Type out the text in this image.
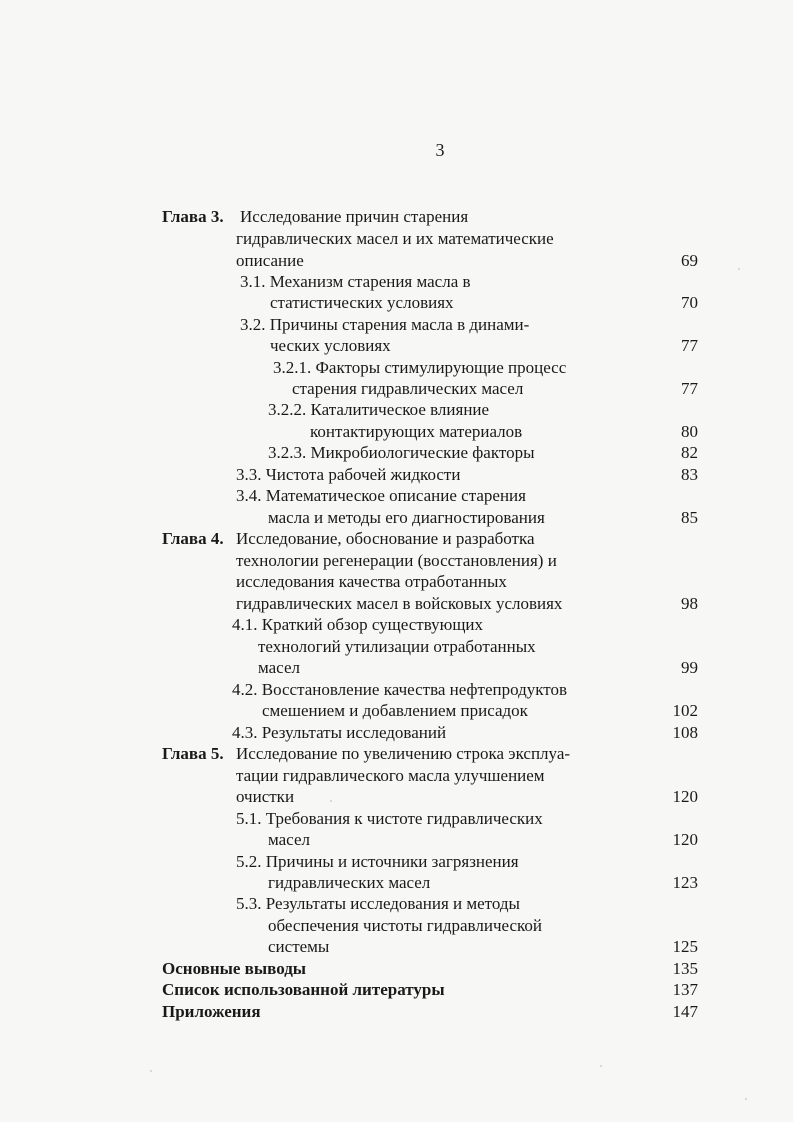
3
Глава 3. Исследование причин старения
гидравлических масел и их математические
описание	69
3.1. Механизм старения масла в
статистических условиях	70
3.2. Причины старения масла в динами-
ческих условиях	77
3.2.1. Факторы стимулирующие процесс
старения гидравлических масел	77
3.2.2. Каталитическое влияние
контактирующих материалов	80
3.2.3. Микробиологические факторы	82
3.3. Чистота рабочей жидкости	83
3.4. Математическое описание старения
масла и методы его диагностирования	85
Глава 4. Исследование, обоснование и разработка
технологии регенерации (восстановления) и
исследования качества отработанных
гидравлических масел в войсковых условиях	98
4.1. Краткий обзор существующих
технологий утилизации отработанных
масел	99
4.2. Восстановление качества нефтепродуктов
смешением и добавлением присадок	102
4.3. Результаты исследований	108
Глава 5. Исследование по увеличению строка эксплуа-
тации гидравлического масла улучшением
очистки	120
5.1. Требования к чистоте гидравлических
масел	120
5.2. Причины и источники загрязнения
гидравлических масел	123
5.3. Результаты исследования и методы
обеспечения чистоты гидравлической
системы	125
Основные выводы	135
Список использованной литературы	137
Приложения	147
